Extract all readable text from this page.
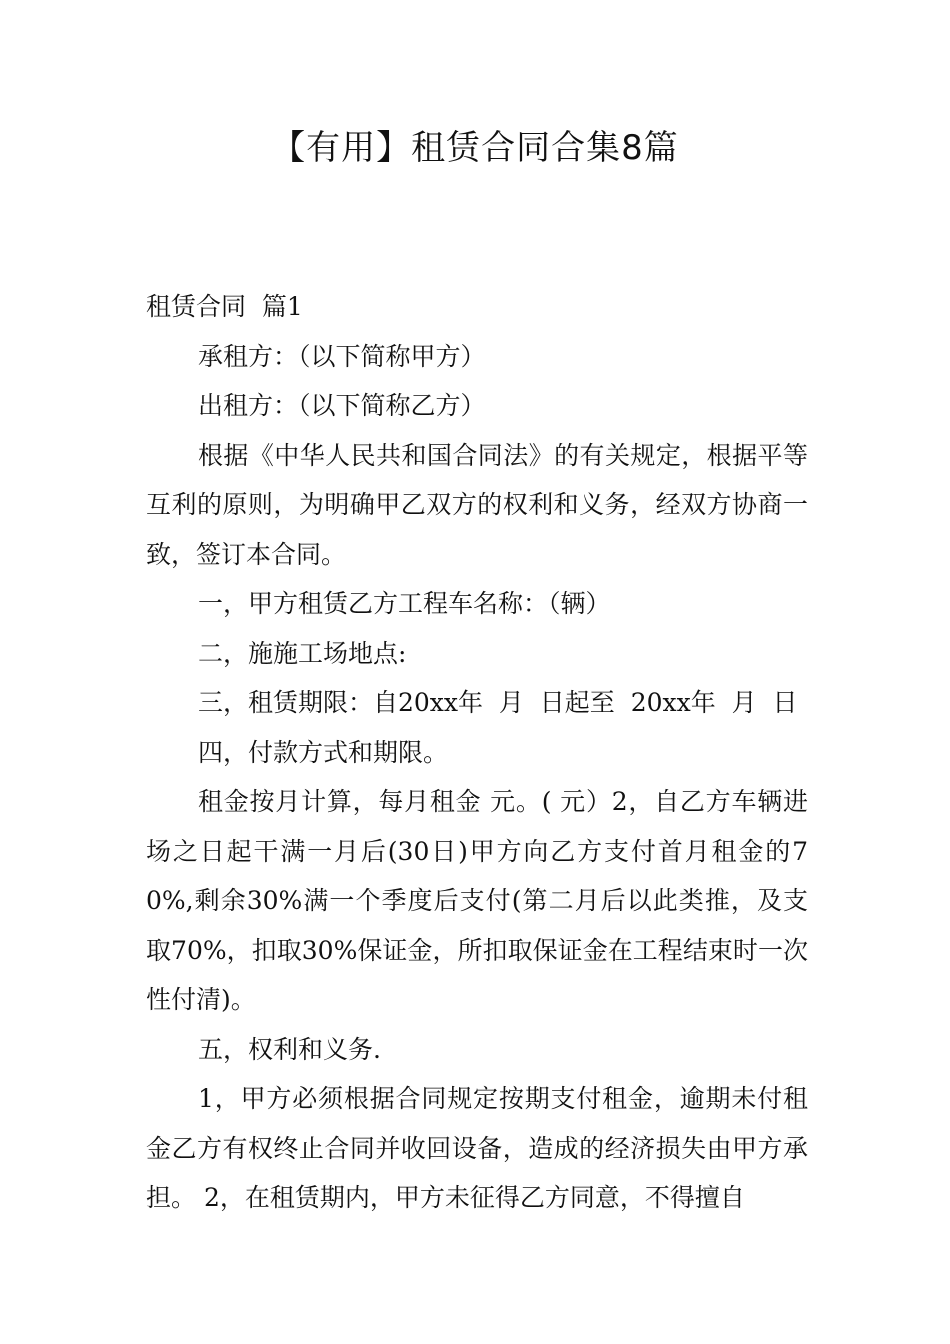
【有用】租赁合同合集8篇

租赁合同  篇1

承租方：（以下简称甲方）

出租方：（以下简称乙方）

根据《中华人民共和国合同法》的有关规定，根据平等互利的原则，为明确甲乙双方的权利和义务，经双方协商一致，签订本合同。

一，甲方租赁乙方工程车名称：（辆）

二，施施工场地点:

三，租赁期限：自20xx年  月  日起至  20xx年  月  日

四，付款方式和期限。

租金按月计算，每月租金 元。( 元）2，自乙方车辆进场之日起干满一月后(30日)甲方向乙方支付首月租金的70%,剩余30%满一个季度后支付(第二月后以此类推，及支取70%，扣取30%保证金，所扣取保证金在工程结束时一次性付清)。

五，权利和义务.

1，甲方必须根据合同规定按期支付租金，逾期未付租金乙方有权终止合同并收回设备，造成的经济损失由甲方承担。 2，在租赁期内，甲方未征得乙方同意，不得擅自
